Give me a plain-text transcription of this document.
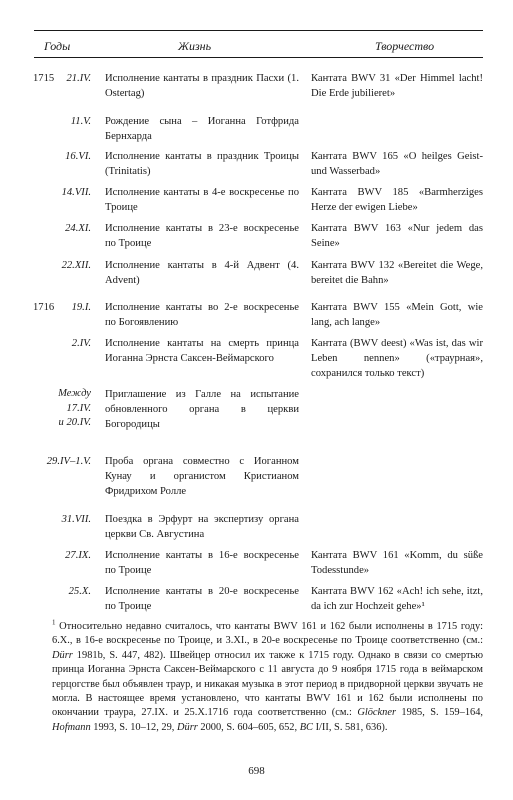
Годы	Жизнь	Творчество
1715 21.IV. Исполнение кантаты в праздник Пасхи (1. Ostertag)
Кантата BWV 31 «Der Himmel lacht! Die Erde jubilieret»
11.V. Рождение сына – Иоганна Готфрида Бернхарда
16.VI. Исполнение кантаты в праздник Троицы (Trinitatis)
Кантата BWV 165 «O heilges Geist- und Wasserbad»
14.VII. Исполнение кантаты в 4-е воскресенье по Троице
Кантата BWV 185 «Barmherziges Herze der ewigen Liebe»
24.XI. Исполнение кантаты в 23-е воскресенье по Троице
Кантата BWV 163 «Nur jedem das Seine»
22.XII. Исполнение кантаты в 4-й Адвент (4. Advent)
Кантата BWV 132 «Bereitet die Wege, bereitet die Bahn»
1716 19.I. Исполнение кантаты во 2-е воскресенье по Богоявлению
Кантата BWV 155 «Mein Gott, wie lang, ach lange»
2.IV. Исполнение кантаты на смерть принца Иоганна Эрнста Саксен-Веймарского
Кантата (BWV deest) «Was ist, das wir Leben nennen» («траурная», сохранился только текст)
Между
17.IV.
и 20.IV.
Приглашение из Галле на испытание обновленного органа в церкви Богородицы
29.IV–1.V. Проба органа совместно с Иоганном Кунау и органистом Кристианом Фридрихом Ролле
31.VII. Поездка в Эрфурт на экспертизу органа церкви Св. Августина
27.IX. Исполнение кантаты в 16-е воскресенье по Троице
Кантата BWV 161 «Komm, du süße Todesstunde»
25.X. Исполнение кантаты в 20-е воскресенье по Троице
Кантата BWV 162 «Ach! ich sehe, itzt, da ich zur Hochzeit gehe»¹
$^1$ Относительно недавно считалось, что кантаты BWV 161 и 162 были исполнены в 1715 году: 6.X., в 16-е воскресенье по Троице, и 3.XI., в 20-е воскресенье по Троице соответственно (см.: Dürr 1981b, S. 447, 482). Швейцер относил их также к 1715 году. Однако в связи со смертью принца Иоганна Эрнста Саксен-Веймарского с 11 августа до 9 ноября 1715 года в веймарском герцогстве был объявлен траур, и никакая музыка в этот период в придворной церкви звучать не могла. В настоящее время установлено, что кантаты BWV 161 и 162 были исполнены по окончании траура, 27.IX. и 25.X.1716 года соответственно (см.: Glöckner 1985, S. 159–164, Hofmann 1993, S. 10–12, 29, Dürr 2000, S. 604–605, 652, BC I/II, S. 581, 636).
698
